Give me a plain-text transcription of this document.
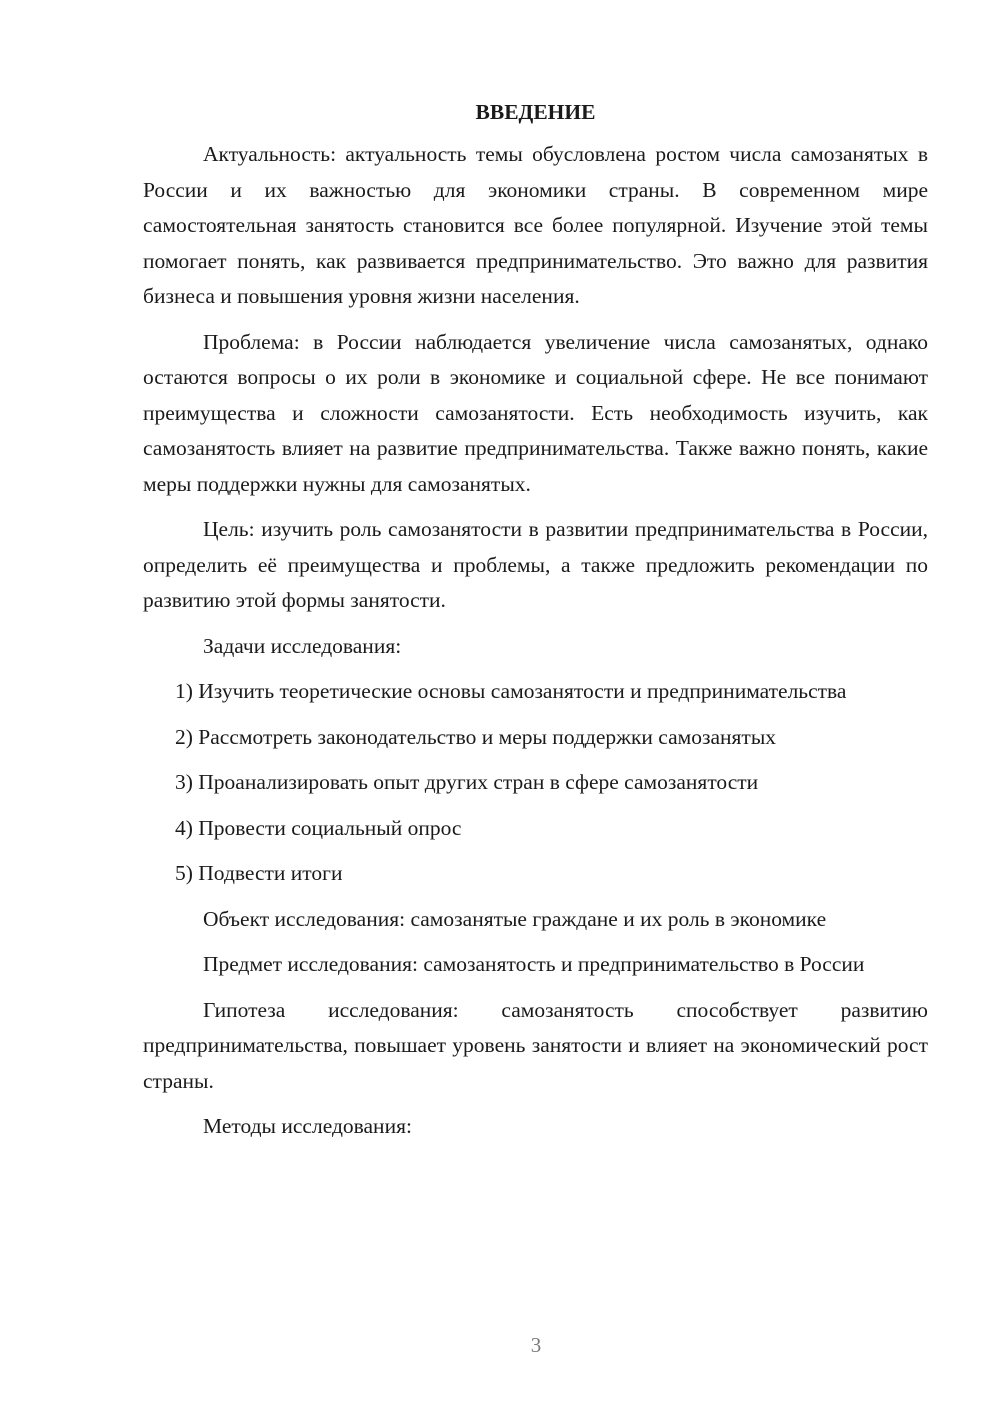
ВВЕДЕНИЕ

Актуальность: актуальность темы обусловлена ростом числа самозанятых в России и их важностью для экономики страны. В современном мире самостоятельная занятость становится все более популярной. Изучение этой темы помогает понять, как развивается предпринимательство. Это важно для развития бизнеса и повышения уровня жизни населения.

Проблема: в России наблюдается увеличение числа самозанятых, однако остаются вопросы о их роли в экономике и социальной сфере. Не все понимают преимущества и сложности самозанятости. Есть необходимость изучить, как самозанятость влияет на развитие предпринимательства. Также важно понять, какие меры поддержки нужны для самозанятых.

Цель: изучить роль самозанятости в развитии предпринимательства в России, определить её преимущества и проблемы, а также предложить рекомендации по развитию этой формы занятости.

Задачи исследования:

1) Изучить теоретические основы самозанятости и предпринимательства

2) Рассмотреть законодательство и меры поддержки самозанятых

3) Проанализировать опыт других стран в сфере самозанятости

4) Провести социальный опрос

5) Подвести итоги

Объект исследования: самозанятые граждане и их роль в экономике

Предмет исследования: самозанятость и предпринимательство в России

Гипотеза исследования: самозанятость способствует развитию предпринимательства, повышает уровень занятости и влияет на экономический рост страны.

Методы исследования:

3
